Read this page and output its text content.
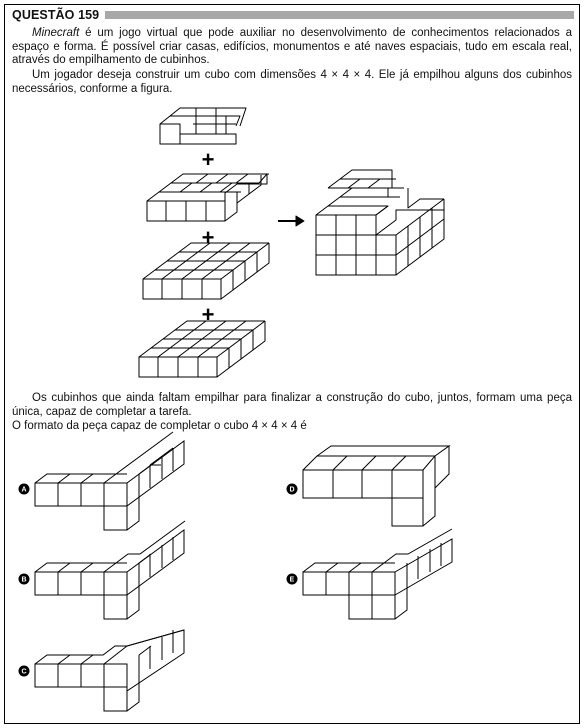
QUESTÃO 159
Minecraft é um jogo virtual que pode auxiliar no desenvolvimento de conhecimentos relacionados a espaço e forma. É possível criar casas, edifícios, monumentos e até naves espaciais, tudo em escala real, através do empilhamento de cubinhos.
Um jogador deseja construir um cubo com dimensões 4 × 4 × 4. Ele já empilhou alguns dos cubinhos necessários, conforme a figura.
+
+
+
Os cubinhos que ainda faltam empilhar para finalizar a construção do cubo, juntos, formam uma peça única, capaz de completar a tarefa.
O formato da peça capaz de completar o cubo 4 × 4 × 4 é
A
B
C
D
E
